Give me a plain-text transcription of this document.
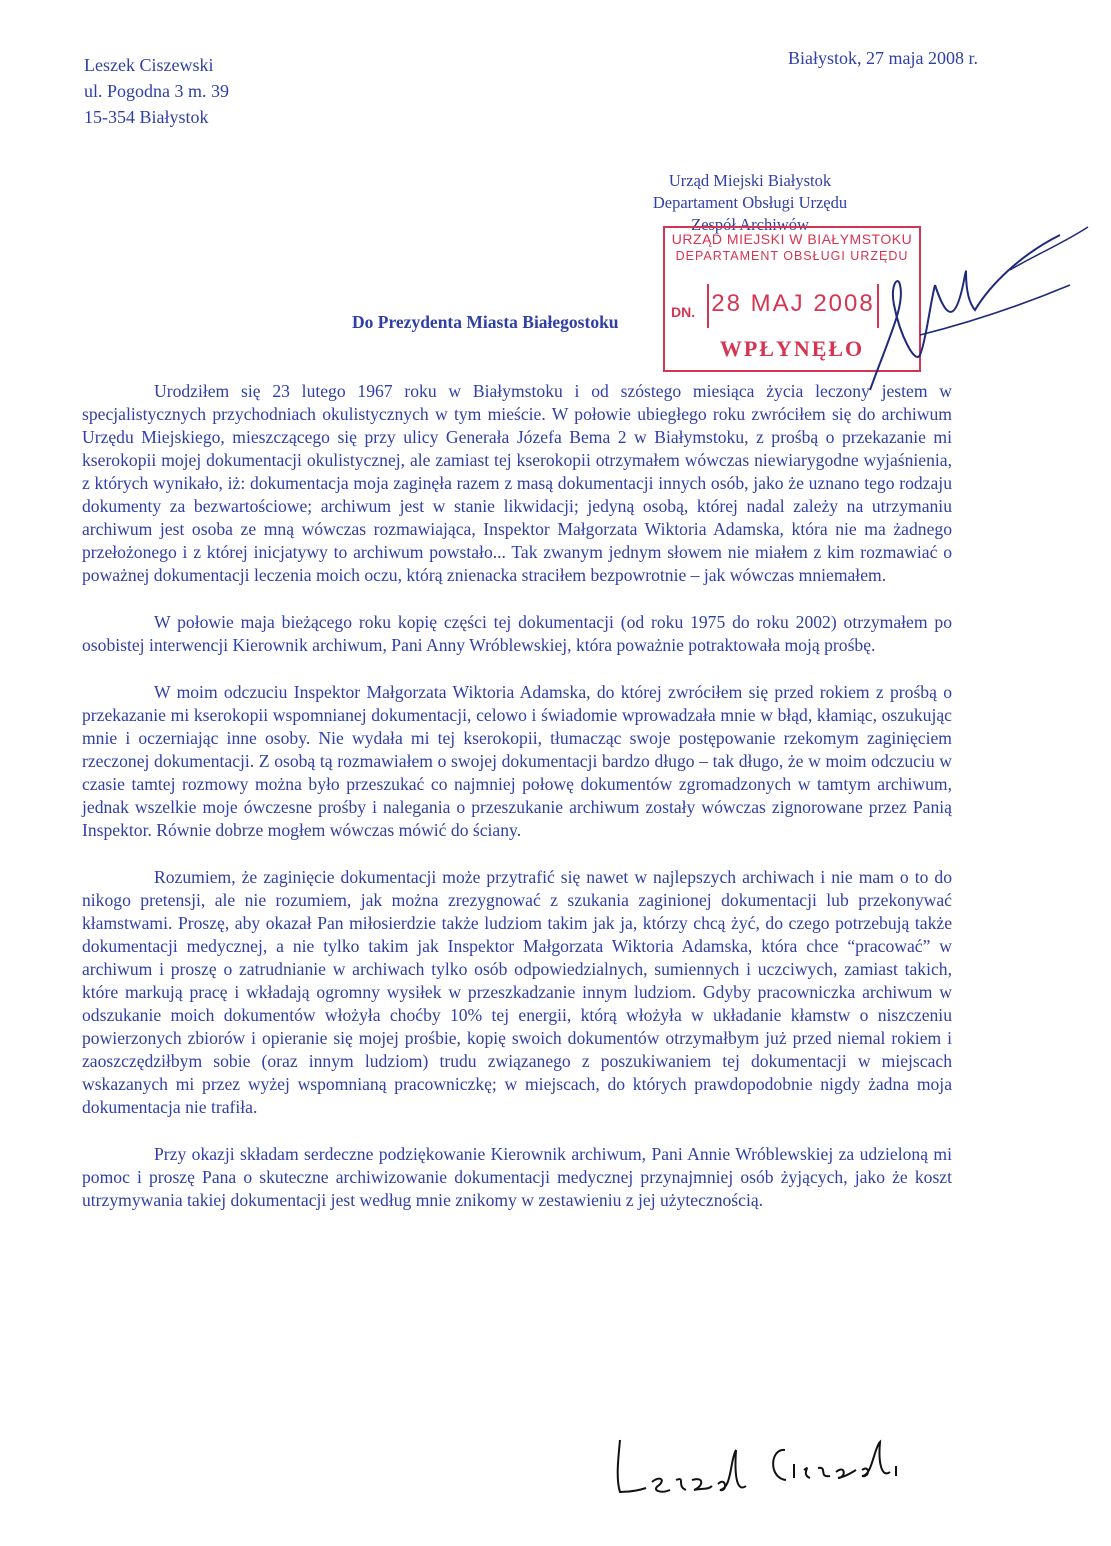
Leszek Ciszewski
ul. Pogodna 3 m. 39
15-354 Białystok
Białystok, 27 maja 2008 r.
Urząd Miejski Białystok
Departament Obsługi Urzędu
Zespół Archiwów
URZĄD MIEJSKI W BIAŁYMSTOKU
DEPARTAMENT OBSŁUGI URZĘDU
DN. 28 MAJ 2008
WPŁYNĘŁO
Do Prezydenta Miasta Białegostoku

Urodziłem się 23 lutego 1967 roku w Białymstoku i od szóstego miesiąca życia leczony jestem w specjalistycznych przychodniach okulistycznych w tym mieście. W połowie ubiegłego roku zwróciłem się do archiwum Urzędu Miejskiego, mieszczącego się przy ulicy Generała Józefa Bema 2 w Białymstoku, z prośbą o przekazanie mi kserokopii mojej dokumentacji okulistycznej, ale zamiast tej kserokopii otrzymałem wówczas niewiarygodne wyjaśnienia, z których wynikało, iż: dokumentacja moja zaginęła razem z masą dokumentacji innych osób, jako że uznano tego rodzaju dokumenty za bezwartościowe; archiwum jest w stanie likwidacji; jedyną osobą, której nadal zależy na utrzymaniu archiwum jest osoba ze mną wówczas rozmawiająca, Inspektor Małgorzata Wiktoria Adamska, która nie ma żadnego przełożonego i z której inicjatywy to archiwum powstało... Tak zwanym jednym słowem nie miałem z kim rozmawiać o poważnej dokumentacji leczenia moich oczu, którą znienacka straciłem bezpowrotnie – jak wówczas mniemałem.

W połowie maja bieżącego roku kopię części tej dokumentacji (od roku 1975 do roku 2002) otrzymałem po osobistej interwencji Kierownik archiwum, Pani Anny Wróblewskiej, która poważnie potraktowała moją prośbę.

W moim odczuciu Inspektor Małgorzata Wiktoria Adamska, do której zwróciłem się przed rokiem z prośbą o przekazanie mi kserokopii wspomnianej dokumentacji, celowo i świadomie wprowadzała mnie w błąd, kłamiąc, oszukując mnie i oczerniając inne osoby. Nie wydała mi tej kserokopii, tłumacząc swoje postępowanie rzekomym zaginięciem rzeczonej dokumentacji. Z osobą tą rozmawiałem o swojej dokumentacji bardzo długo – tak długo, że w moim odczuciu w czasie tamtej rozmowy można było przeszukać co najmniej połowę dokumentów zgromadzonych w tamtym archiwum, jednak wszelkie moje ówczesne prośby i nalegania o przeszukanie archiwum zostały wówczas zignorowane przez Panią Inspektor. Równie dobrze mogłem wówczas mówić do ściany.

Rozumiem, że zaginięcie dokumentacji może przytrafić się nawet w najlepszych archiwach i nie mam o to do nikogo pretensji, ale nie rozumiem, jak można zrezygnować z szukania zaginionej dokumentacji lub przekonywać kłamstwami. Proszę, aby okazał Pan miłosierdzie także ludziom takim jak ja, którzy chcą żyć, do czego potrzebują także dokumentacji medycznej, a nie tylko takim jak Inspektor Małgorzata Wiktoria Adamska, która chce “pracować” w archiwum i proszę o zatrudnianie w archiwach tylko osób odpowiedzialnych, sumiennych i uczciwych, zamiast takich, które markują pracę i wkładają ogromny wysiłek w przeszkadzanie innym ludziom. Gdyby pracowniczka archiwum w odszukanie moich dokumentów włożyła choćby 10% tej energii, którą włożyła w układanie kłamstw o niszczeniu powierzonych zbiorów i opieranie się mojej prośbie, kopię swoich dokumentów otrzymałbym już przed niemal rokiem i zaoszczędziłbym sobie (oraz innym ludziom) trudu związanego z poszukiwaniem tej dokumentacji w miejscach wskazanych mi przez wyżej wspomnianą pracowniczkę; w miejscach, do których prawdopodobnie nigdy żadna moja dokumentacja nie trafiła.

Przy okazji składam serdeczne podziękowanie Kierownik archiwum, Pani Annie Wróblewskiej za udzieloną mi pomoc i proszę Pana o skuteczne archiwizowanie dokumentacji medycznej przynajmniej osób żyjących, jako że koszt utrzymywania takiej dokumentacji jest według mnie znikomy w zestawieniu z jej użytecznością.
